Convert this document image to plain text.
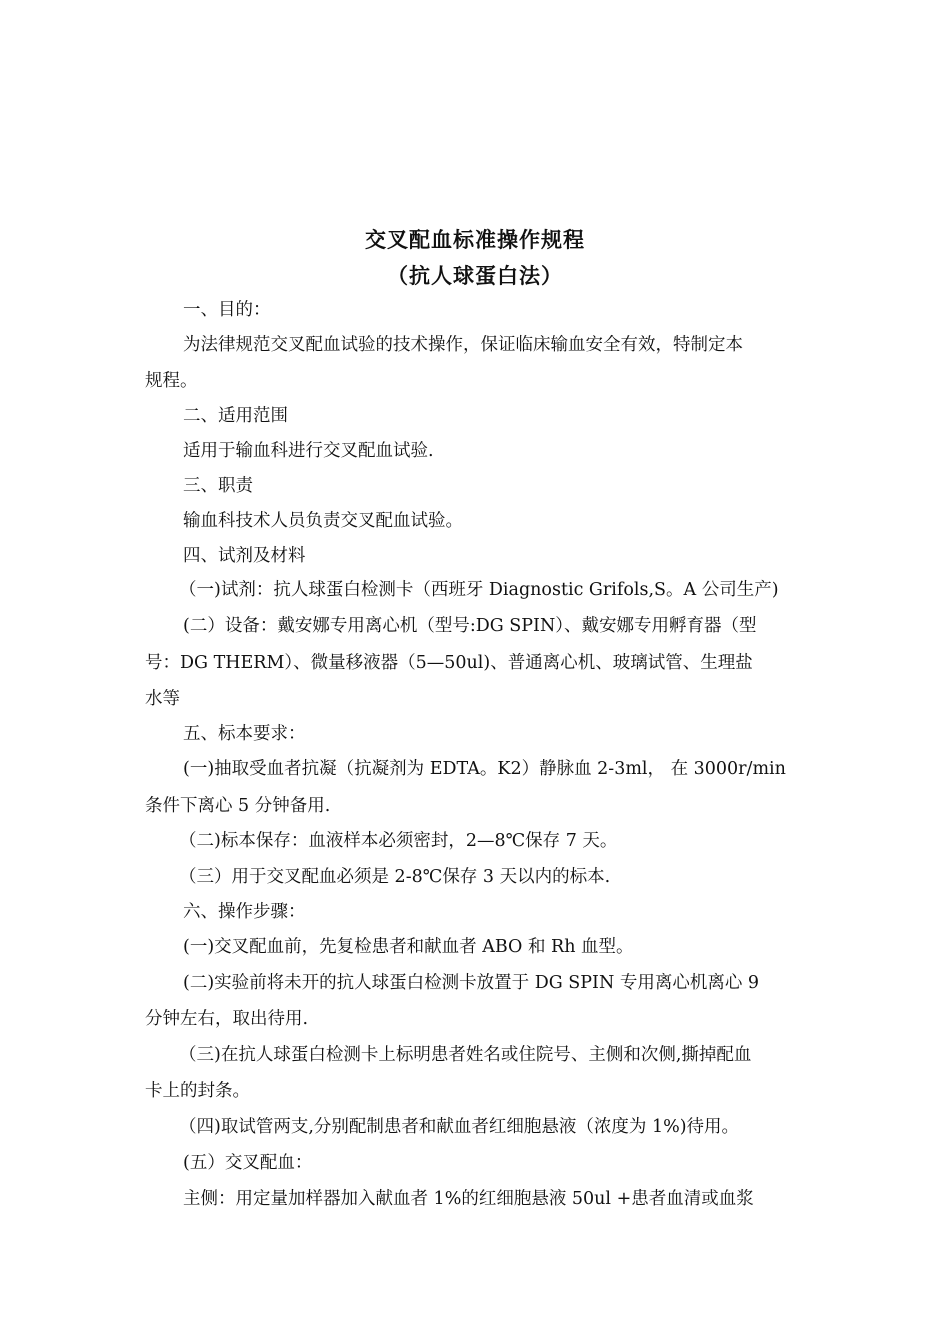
交叉配血标准操作规程
（抗人球蛋白法）
一、目的：
为法律规范交叉配血试验的技术操作，保证临床输血安全有效，特制定本
规程。
二、适用范围
适用于输血科进行交叉配血试验.
三、职责
输血科技术人员负责交叉配血试验。
四、试剂及材料
（一)试剂：抗人球蛋白检测卡（西班牙 Diagnostic Grifols,S。A 公司生产)
(二）设备：戴安娜专用离心机（型号:DG SPIN）、戴安娜专用孵育器（型
号：DG THERM）、微量移液器（5—50ul)、普通离心机、玻璃试管、生理盐
水等
五、标本要求：
(一)抽取受血者抗凝（抗凝剂为 EDTA。K2）静脉血 2-3ml， 在 3000r/min
条件下离心 5 分钟备用.
（二)标本保存：血液样本必须密封，2—8℃保存 7 天。
（三）用于交叉配血必须是 2-8℃保存 3 天以内的标本.
六、操作步骤：
(一)交叉配血前，先复检患者和献血者 ABO 和 Rh 血型。
(二)实验前将未开的抗人球蛋白检测卡放置于 DG SPIN 专用离心机离心 9
分钟左右，取出待用.
（三)在抗人球蛋白检测卡上标明患者姓名或住院号、主侧和次侧,撕掉配血
卡上的封条。
（四)取试管两支,分别配制患者和献血者红细胞悬液（浓度为 1%)待用。
(五）交叉配血：
主侧：用定量加样器加入献血者 1%的红细胞悬液 50ul +患者血清或血浆
